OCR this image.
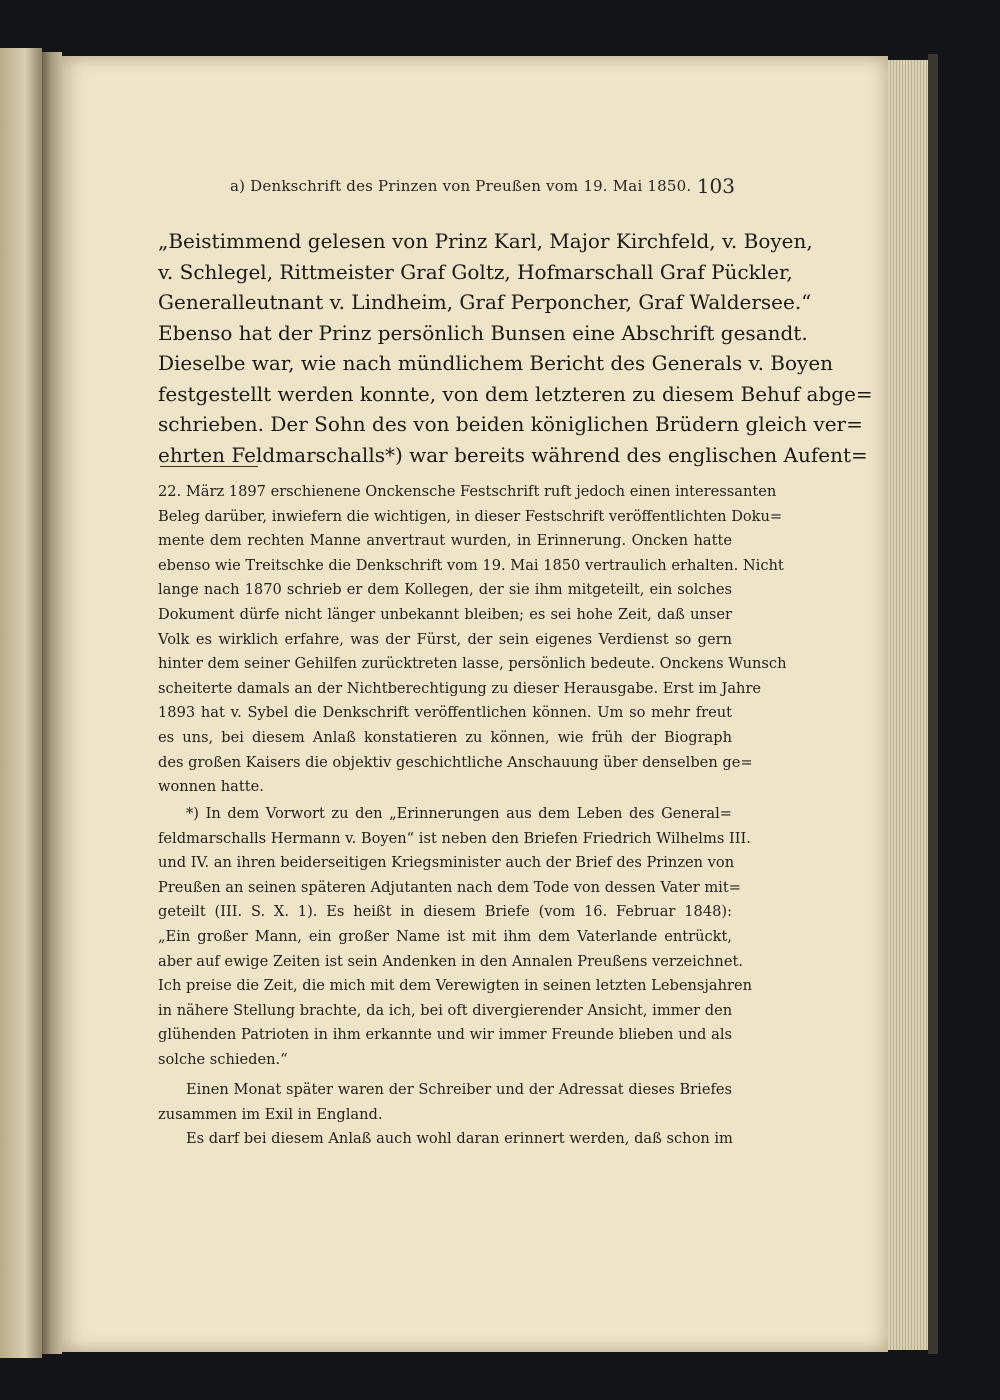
a) Denkschrift des Prinzen von Preußen vom 19. Mai 1850. 103
„Beistimmend gelesen von Prinz Karl, Major Kirchfeld, v. Boyen,
v. Schlegel, Rittmeister Graf Goltz, Hofmarschall Graf Pückler,
Generalleutnant v. Lindheim, Graf Perponcher, Graf Waldersee.“
Ebenso hat der Prinz persönlich Bunsen eine Abschrift gesandt.
Dieselbe war, wie nach mündlichem Bericht des Generals v. Boyen
festgestellt werden konnte, von dem letzteren zu diesem Behuf abge=
schrieben. Der Sohn des von beiden königlichen Brüdern gleich ver=
ehrten Feldmarschalls*) war bereits während des englischen Aufent=
22. März 1897 erschienene Onckensche Festschrift ruft jedoch einen interessanten
Beleg darüber, inwiefern die wichtigen, in dieser Festschrift veröffentlichten Doku=
mente dem rechten Manne anvertraut wurden, in Erinnerung. Oncken hatte
ebenso wie Treitschke die Denkschrift vom 19. Mai 1850 vertraulich erhalten. Nicht
lange nach 1870 schrieb er dem Kollegen, der sie ihm mitgeteilt, ein solches
Dokument dürfe nicht länger unbekannt bleiben; es sei hohe Zeit, daß unser
Volk es wirklich erfahre, was der Fürst, der sein eigenes Verdienst so gern
hinter dem seiner Gehilfen zurücktreten lasse, persönlich bedeute. Onckens Wunsch
scheiterte damals an der Nichtberechtigung zu dieser Herausgabe. Erst im Jahre
1893 hat v. Sybel die Denkschrift veröffentlichen können. Um so mehr freut
es uns, bei diesem Anlaß konstatieren zu können, wie früh der Biograph
des großen Kaisers die objektiv geschichtliche Anschauung über denselben ge=
wonnen hatte.
*) In dem Vorwort zu den „Erinnerungen aus dem Leben des General=
feldmarschalls Hermann v. Boyen“ ist neben den Briefen Friedrich Wilhelms III.
und IV. an ihren beiderseitigen Kriegsminister auch der Brief des Prinzen von
Preußen an seinen späteren Adjutanten nach dem Tode von dessen Vater mit=
geteilt (III. S. X. 1). Es heißt in diesem Briefe (vom 16. Februar 1848):
„Ein großer Mann, ein großer Name ist mit ihm dem Vaterlande entrückt,
aber auf ewige Zeiten ist sein Andenken in den Annalen Preußens verzeichnet.
Ich preise die Zeit, die mich mit dem Verewigten in seinen letzten Lebensjahren
in nähere Stellung brachte, da ich, bei oft divergierender Ansicht, immer den
glühenden Patrioten in ihm erkannte und wir immer Freunde blieben und als
solche schieden.“
Einen Monat später waren der Schreiber und der Adressat dieses Briefes
zusammen im Exil in England.
Es darf bei diesem Anlaß auch wohl daran erinnert werden, daß schon im
